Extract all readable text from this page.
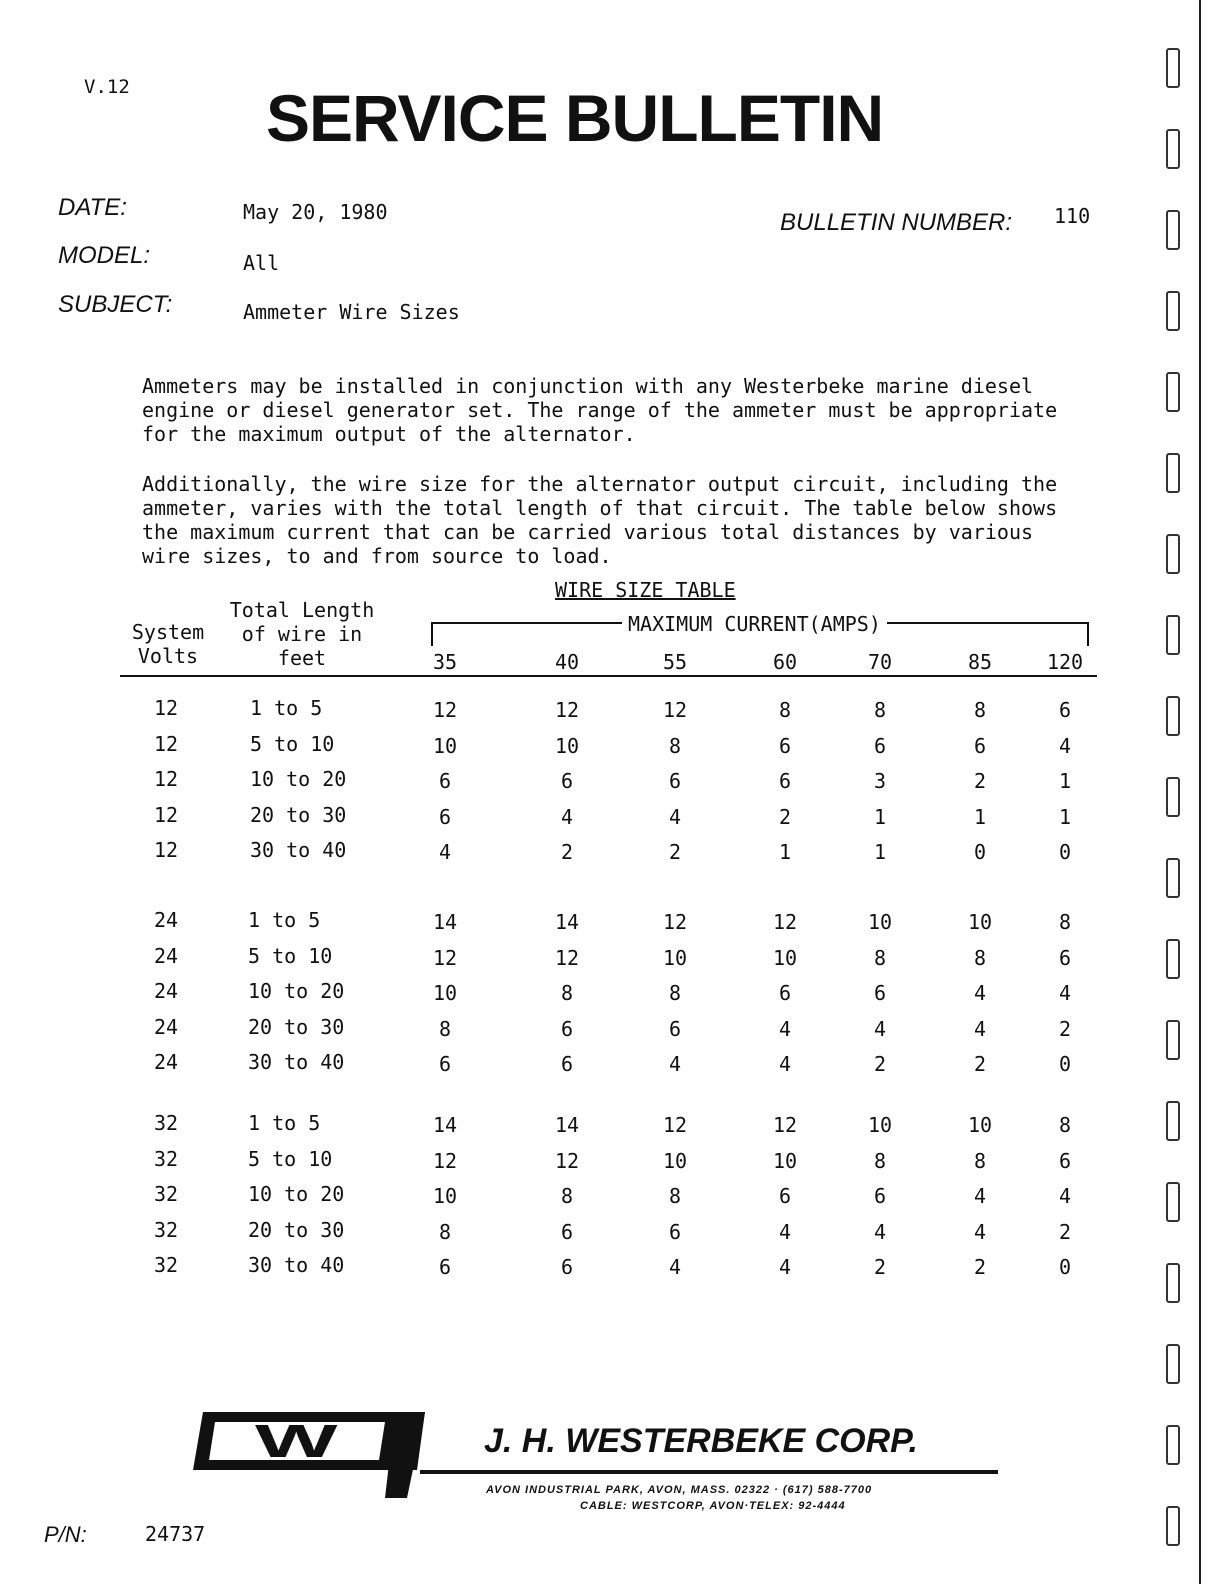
V.12 SERVICE BULLETIN
DATE:	May 20, 1980
MODEL:	All
SUBJECT:	Ammeter Wire Sizes
BULLETIN NUMBER: 110
Ammeters may be installed in conjunction with any Westerbeke marine diesel
engine or diesel generator set. The range of the ammeter must be appropriate
for the maximum output of the alternator.
Additionally, the wire size for the alternator output circuit, including the
ammeter, varies with the total length of that circuit. The table below shows
the maximum current that can be carried various total distances by various
wire sizes, to and from source to load.
WIRE SIZE TABLE
System
Volts
Total Length
of wire in
feet
MAXIMUM CURRENT(AMPS)
35	40	55	60	70	85	120
12	1 to 5	12	12	12	8	8	8	6
12	5 to 10	10	10	8	6	6	6	4
12	10 to 20	6	6	6	6	3	2	1
12	20 to 30	6	4	4	2	1	1	1
12	30 to 40	4	2	2	1	1	0	0
24	1 to 5	14	14	12	12	10	10	8
24	5 to 10	12	12	10	10	8	8	6
24	10 to 20	10	8	8	6	6	4	4
24	20 to 30	8	6	6	4	4	4	2
24	30 to 40	6	6	4	4	2	2	0
32	1 to 5	14	14	12	12	10	10	8
32	5 to 10	12	12	10	10	8	8	6
32	10 to 20	10	8	8	6	6	4	4
32	20 to 30	8	6	6	4	4	4	2
32	30 to 40	6	6	4	4	2	2	0
W	J. H. WESTERBEKE CORP.
AVON INDUSTRIAL PARK, AVON, MASS. 02322 · (617) 588-7700
CABLE: WESTCORP, AVON·TELEX: 92-4444
P/N:	24737
